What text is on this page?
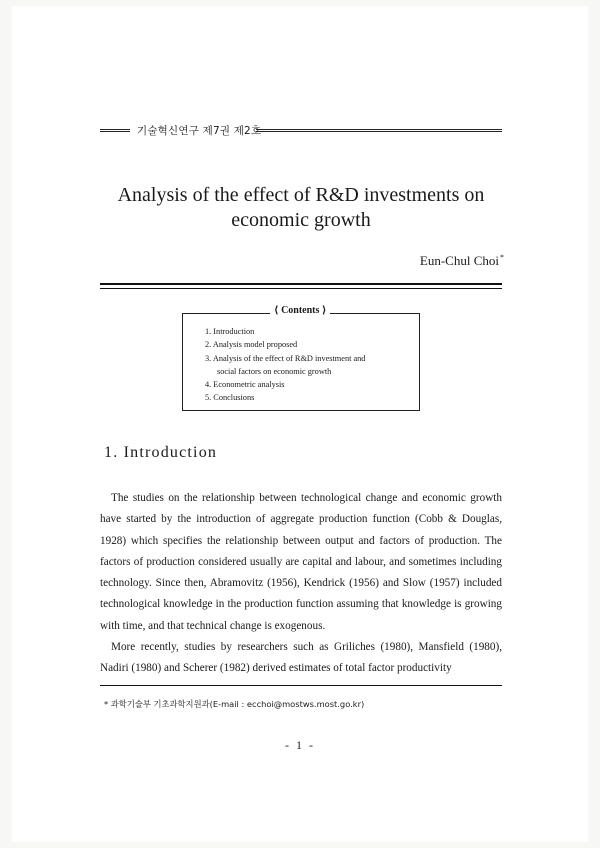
기술혁신연구 제7권 제2호
Analysis of the effect of R&D investments on economic growth
Eun-Chul Choi*
⟨ Contents ⟩
1. Introduction
2. Analysis model proposed
3. Analysis of the effect of R&D investment and
social factors on economic growth
4. Econometric analysis
5. Conclusions
1. Introduction

The studies on the relationship between technological change and economic growth have started by the introduction of aggregate production function (Cobb & Douglas, 1928) which specifies the relationship between output and factors of production. The factors of production considered usually are capital and labour, and sometimes including technology. Since then, Abramovitz (1956), Kendrick (1956) and Slow (1957) included technological knowledge in the production function assuming that knowledge is growing with time, and that technical change is exogenous.

More recently, studies by researchers such as Griliches (1980), Mansfield (1980), Nadiri (1980) and Scherer (1982) derived estimates of total factor productivity

* 과학기술부 기초과학지원과(E-mail : ecchoi@mostws.most.go.kr)
- 1 -
